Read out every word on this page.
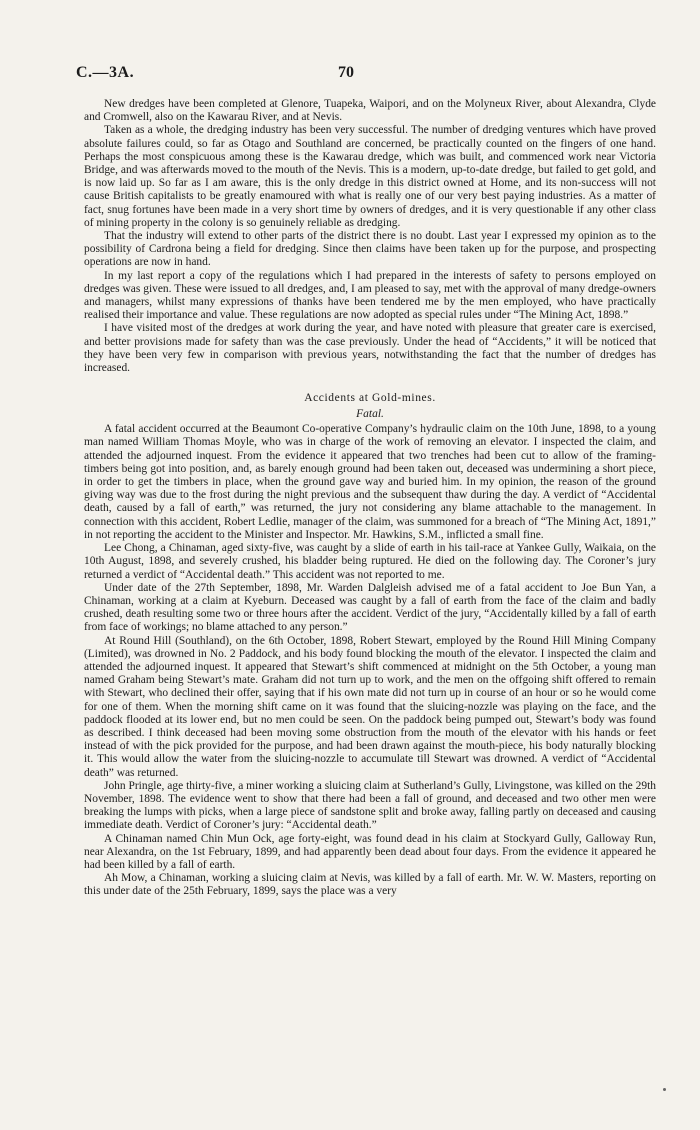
C.—3A.	70

New dredges have been completed at Glenore, Tuapeka, Waipori, and on the Molyneux River, about Alexandra, Clyde and Cromwell, also on the Kawarau River, and at Nevis.

Taken as a whole, the dredging industry has been very successful. The number of dredging ventures which have proved absolute failures could, so far as Otago and Southland are concerned, be practically counted on the fingers of one hand. Perhaps the most conspicuous among these is the Kawarau dredge, which was built, and commenced work near Victoria Bridge, and was afterwards moved to the mouth of the Nevis. This is a modern, up-to-date dredge, but failed to get gold, and is now laid up. So far as I am aware, this is the only dredge in this district owned at Home, and its non-success will not cause British capitalists to be greatly enamoured with what is really one of our very best paying industries. As a matter of fact, snug fortunes have been made in a very short time by owners of dredges, and it is very questionable if any other class of mining property in the colony is so genuinely reliable as dredging.

That the industry will extend to other parts of the district there is no doubt. Last year I expressed my opinion as to the possibility of Cardrona being a field for dredging. Since then claims have been taken up for the purpose, and prospecting operations are now in hand.

In my last report a copy of the regulations which I had prepared in the interests of safety to persons employed on dredges was given. These were issued to all dredges, and, I am pleased to say, met with the approval of many dredge-owners and managers, whilst many expressions of thanks have been tendered me by the men employed, who have practically realised their importance and value. These regulations are now adopted as special rules under “The Mining Act, 1898.”

I have visited most of the dredges at work during the year, and have noted with pleasure that greater care is exercised, and better provisions made for safety than was the case previously. Under the head of “Accidents,” it will be noticed that they have been very few in comparison with previous years, notwithstanding the fact that the number of dredges has increased.

Accidents at Gold-mines.
Fatal.

A fatal accident occurred at the Beaumont Co-operative Company’s hydraulic claim on the 10th June, 1898, to a young man named William Thomas Moyle, who was in charge of the work of removing an elevator. I inspected the claim, and attended the adjourned inquest. From the evidence it appeared that two trenches had been cut to allow of the framing-timbers being got into position, and, as barely enough ground had been taken out, deceased was undermining a short piece, in order to get the timbers in place, when the ground gave way and buried him. In my opinion, the reason of the ground giving way was due to the frost during the night previous and the subsequent thaw during the day. A verdict of “Accidental death, caused by a fall of earth,” was returned, the jury not considering any blame attachable to the management. In connection with this accident, Robert Ledlie, manager of the claim, was summoned for a breach of “The Mining Act, 1891,” in not reporting the accident to the Minister and Inspector. Mr. Hawkins, S.M., inflicted a small fine.

Lee Chong, a Chinaman, aged sixty-five, was caught by a slide of earth in his tail-race at Yankee Gully, Waikaia, on the 10th August, 1898, and severely crushed, his bladder being ruptured. He died on the following day. The Coroner’s jury returned a verdict of “Accidental death.” This accident was not reported to me.

Under date of the 27th September, 1898, Mr. Warden Dalgleish advised me of a fatal accident to Joe Bun Yan, a Chinaman, working at a claim at Kyeburn. Deceased was caught by a fall of earth from the face of the claim and badly crushed, death resulting some two or three hours after the accident. Verdict of the jury, “Accidentally killed by a fall of earth from face of workings; no blame attached to any person.”

At Round Hill (Southland), on the 6th October, 1898, Robert Stewart, employed by the Round Hill Mining Company (Limited), was drowned in No. 2 Paddock, and his body found blocking the mouth of the elevator. I inspected the claim and attended the adjourned inquest. It appeared that Stewart’s shift commenced at midnight on the 5th October, a young man named Graham being Stewart’s mate. Graham did not turn up to work, and the men on the offgoing shift offered to remain with Stewart, who declined their offer, saying that if his own mate did not turn up in course of an hour or so he would come for one of them. When the morning shift came on it was found that the sluicing-nozzle was playing on the face, and the paddock flooded at its lower end, but no men could be seen. On the paddock being pumped out, Stewart’s body was found as described. I think deceased had been moving some obstruction from the mouth of the elevator with his hands or feet instead of with the pick provided for the purpose, and had been drawn against the mouth-piece, his body naturally blocking it. This would allow the water from the sluicing-nozzle to accumulate till Stewart was drowned. A verdict of “Accidental death” was returned.

John Pringle, age thirty-five, a miner working a sluicing claim at Sutherland’s Gully, Livingstone, was killed on the 29th November, 1898. The evidence went to show that there had been a fall of ground, and deceased and two other men were breaking the lumps with picks, when a large piece of sandstone split and broke away, falling partly on deceased and causing immediate death. Verdict of Coroner’s jury: “Accidental death.”

A Chinaman named Chin Mun Ock, age forty-eight, was found dead in his claim at Stockyard Gully, Galloway Run, near Alexandra, on the 1st February, 1899, and had apparently been dead about four days. From the evidence it appeared he had been killed by a fall of earth.

Ah Mow, a Chinaman, working a sluicing claim at Nevis, was killed by a fall of earth. Mr. W. W. Masters, reporting on this under date of the 25th February, 1899, says the place was a very
